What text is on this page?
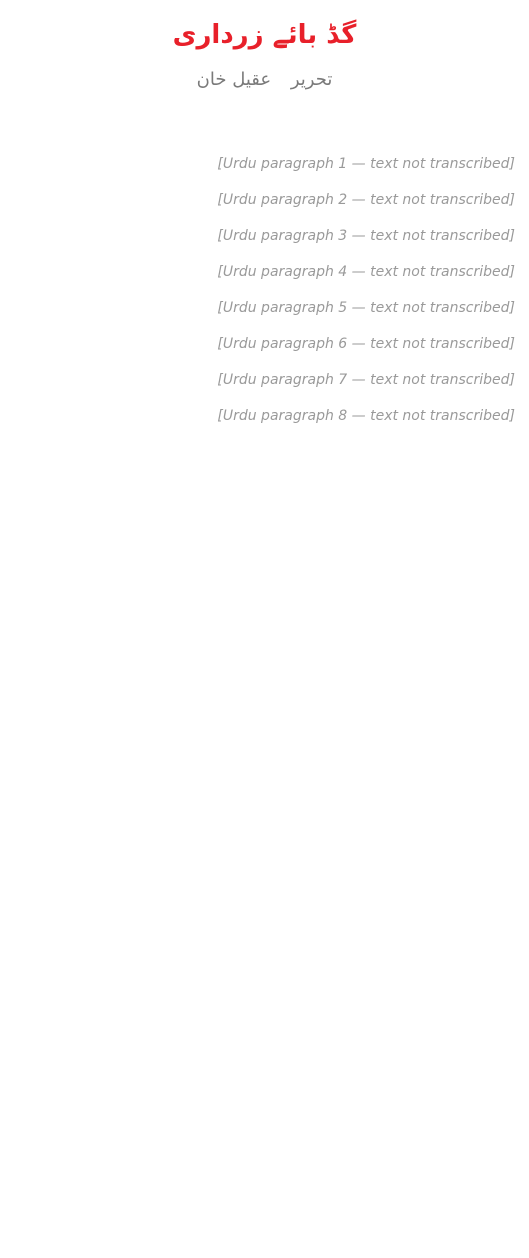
گڈ بائے زرداری
تحریر عقیل خان

[Urdu paragraph 1 — text not transcribed]

[Urdu paragraph 2 — text not transcribed]

[Urdu paragraph 3 — text not transcribed]

[Urdu paragraph 4 — text not transcribed]

[Urdu paragraph 5 — text not transcribed]

[Urdu paragraph 6 — text not transcribed]

[Urdu paragraph 7 — text not transcribed]

[Urdu paragraph 8 — text not transcribed]
